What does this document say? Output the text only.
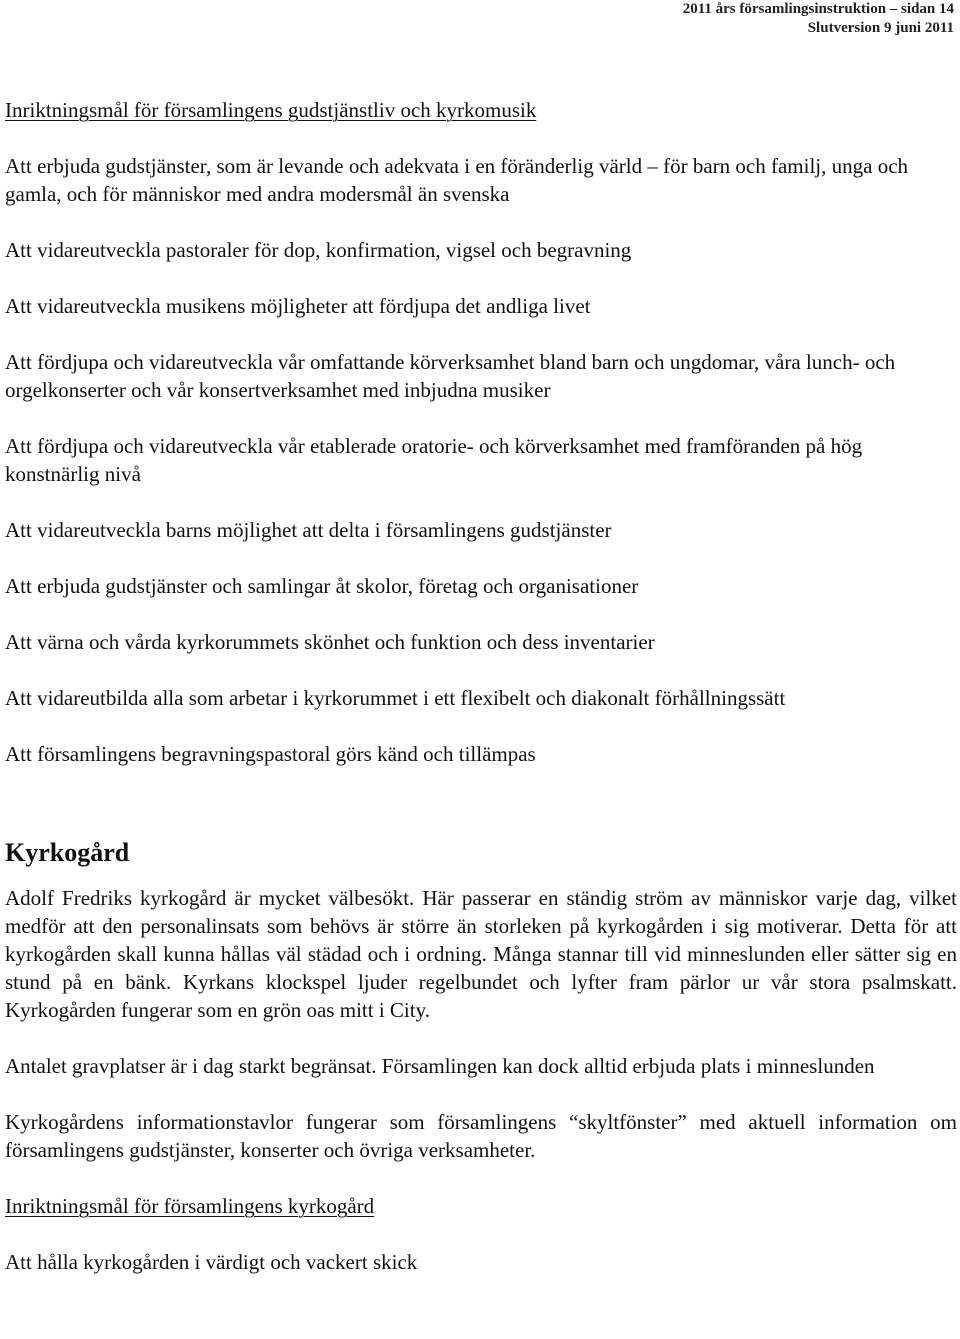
2011 års församlingsinstruktion – sidan 14
Slutversion 9 juni 2011
Inriktningsmål för församlingens gudstjänstliv och kyrkomusik
Att erbjuda gudstjänster, som är levande och adekvata i en föränderlig värld – för barn och familj, unga och gamla, och för människor med andra modersmål än svenska
Att vidareutveckla pastoraler för dop, konfirmation, vigsel och begravning
Att vidareutveckla musikens möjligheter att fördjupa det andliga livet
Att fördjupa och vidareutveckla vår omfattande körverksamhet bland barn och ungdomar, våra lunch- och orgelkonserter och vår konsertverksamhet med inbjudna musiker
Att fördjupa och vidareutveckla vår etablerade oratorie- och körverksamhet med framföranden på hög konstnärlig nivå
Att vidareutveckla barns möjlighet att delta i församlingens gudstjänster
Att erbjuda gudstjänster och samlingar åt skolor, företag och organisationer
Att värna och vårda kyrkorummets skönhet och funktion och dess inventarier
Att vidareutbilda alla som arbetar i kyrkorummet i ett flexibelt och diakonalt förhållningssätt
Att församlingens begravningspastoral görs känd och tillämpas
Kyrkogård
Adolf Fredriks kyrkogård är mycket välbesökt. Här passerar en ständig ström av människor varje dag, vilket medför att den personalinsats som behövs är större än storleken på kyrkogården i sig motiverar. Detta för att kyrkogården skall kunna hållas väl städad och i ordning. Många stannar till vid minneslunden eller sätter sig en stund på en bänk. Kyrkans klockspel ljuder regelbundet och lyfter fram pärlor ur vår stora psalmskatt. Kyrkogården fungerar som en grön oas mitt i City.
Antalet gravplatser är i dag starkt begränsat. Församlingen kan dock alltid erbjuda plats i minneslunden
Kyrkogårdens informationstavlor fungerar som församlingens “skyltfönster” med aktuell information om församlingens gudstjänster, konserter och övriga verksamheter.
Inriktningsmål för församlingens kyrkogård
Att hålla kyrkogården i värdigt och vackert skick
